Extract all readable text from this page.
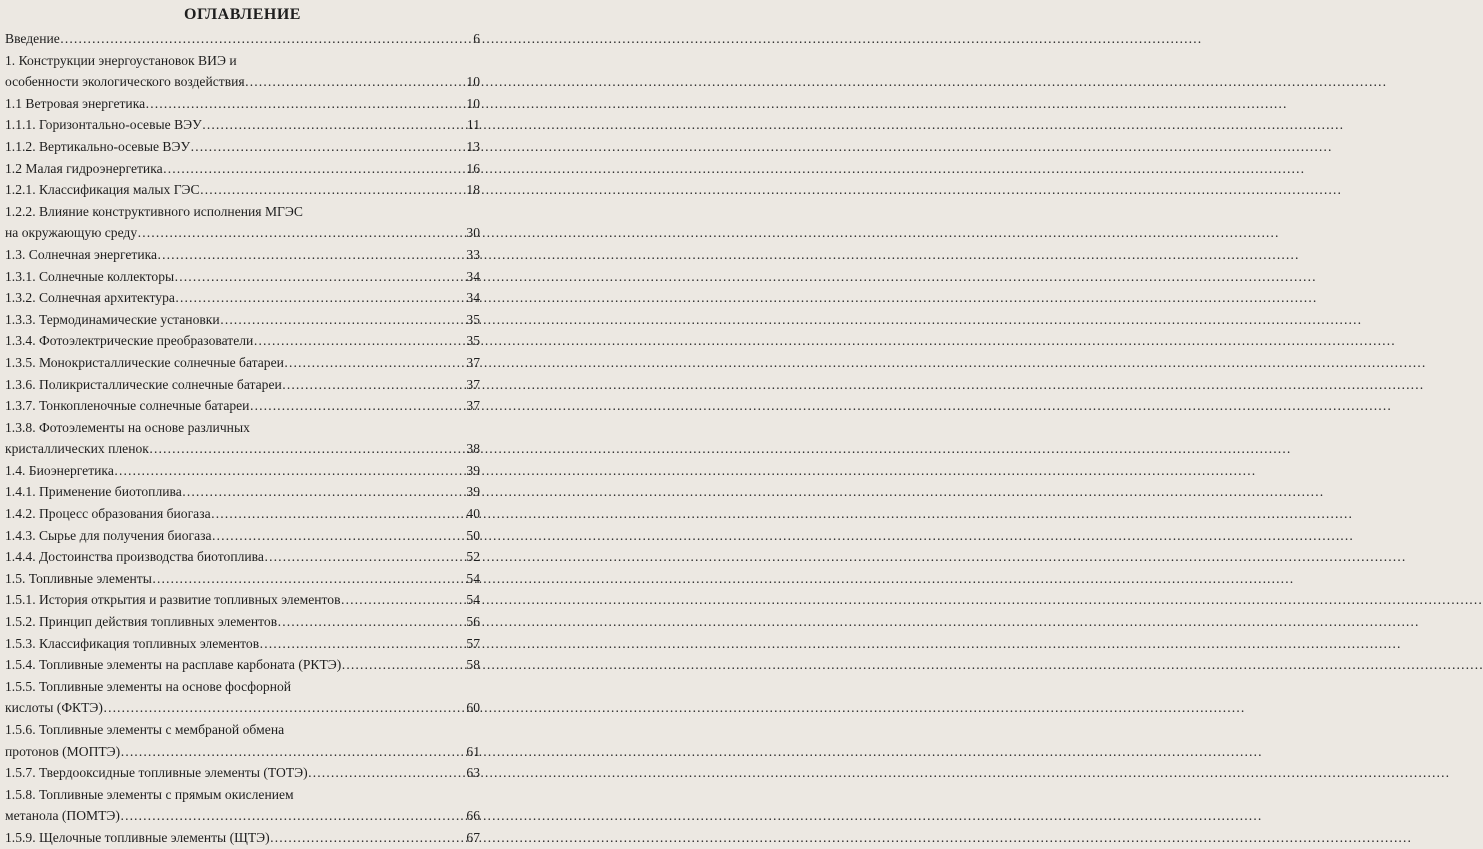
ОГЛАВЛЕНИЕ
Введение ………………………………………………………………………………………………………………………………………………………………………………………………………………………………	6
1. Конструкции энергоустановок ВИЭ и
особенности экологического воздействия ………………………………………………………………………………………………………………………………………………………………………………………………………………………………	10
1.1 Ветровая энергетика ………………………………………………………………………………………………………………………………………………………………………………………………………………………………	10
1.1.1. Горизонтально-осевые ВЭУ ………………………………………………………………………………………………………………………………………………………………………………………………………………………………	11
1.1.2. Вертикально-осевые ВЭУ ………………………………………………………………………………………………………………………………………………………………………………………………………………………………	13
1.2 Малая гидроэнергетика ………………………………………………………………………………………………………………………………………………………………………………………………………………………………	16
1.2.1. Классификация малых ГЭС ………………………………………………………………………………………………………………………………………………………………………………………………………………………………	18
1.2.2. Влияние конструктивного исполнения МГЭС
на окружающую среду ………………………………………………………………………………………………………………………………………………………………………………………………………………………………	30
1.3. Солнечная энергетика ………………………………………………………………………………………………………………………………………………………………………………………………………………………………	33
1.3.1. Солнечные коллекторы ………………………………………………………………………………………………………………………………………………………………………………………………………………………………	34
1.3.2. Солнечная архитектура ………………………………………………………………………………………………………………………………………………………………………………………………………………………………	34
1.3.3. Термодинамические установки ………………………………………………………………………………………………………………………………………………………………………………………………………………………………	35
1.3.4. Фотоэлектрические преобразователи ………………………………………………………………………………………………………………………………………………………………………………………………………………………………	35
1.3.5. Монокристаллические солнечные батареи ………………………………………………………………………………………………………………………………………………………………………………………………………………………………	37
1.3.6. Поликристаллические солнечные батареи ………………………………………………………………………………………………………………………………………………………………………………………………………………………………	37
1.3.7. Тонкопленочные солнечные батареи ………………………………………………………………………………………………………………………………………………………………………………………………………………………………	37
1.3.8. Фотоэлементы на основе различных
кристаллических пленок ………………………………………………………………………………………………………………………………………………………………………………………………………………………………	38
1.4. Биоэнергетика ………………………………………………………………………………………………………………………………………………………………………………………………………………………………	39
1.4.1. Применение биотоплива ………………………………………………………………………………………………………………………………………………………………………………………………………………………………	39
1.4.2. Процесс образования биогаза ………………………………………………………………………………………………………………………………………………………………………………………………………………………………	40
1.4.3. Сырье для получения биогаза ………………………………………………………………………………………………………………………………………………………………………………………………………………………………	50
1.4.4. Достоинства производства биотоплива ………………………………………………………………………………………………………………………………………………………………………………………………………………………………	52
1.5. Топливные элементы ………………………………………………………………………………………………………………………………………………………………………………………………………………………………	54
1.5.1. История открытия и развитие топливных элементов ………………………………………………………………………………………………………………………………………………………………………………………………………………………………	54
1.5.2. Принцип действия топливных элементов ………………………………………………………………………………………………………………………………………………………………………………………………………………………………	56
1.5.3. Классификация топливных элементов ………………………………………………………………………………………………………………………………………………………………………………………………………………………………	57
1.5.4. Топливные элементы на расплаве карбоната (РКТЭ) ………………………………………………………………………………………………………………………………………………………………………………………………………………………………	58
1.5.5. Топливные элементы на основе фосфорной
кислоты (ФКТЭ) ………………………………………………………………………………………………………………………………………………………………………………………………………………………………	60
1.5.6. Топливные элементы с мембраной обмена
протонов (МОПТЭ) ………………………………………………………………………………………………………………………………………………………………………………………………………………………………	61
1.5.7. Твердооксидные топливные элементы (ТОТЭ) ………………………………………………………………………………………………………………………………………………………………………………………………………………………………	63
1.5.8. Топливные элементы с прямым окислением
метанола (ПОМТЭ) ………………………………………………………………………………………………………………………………………………………………………………………………………………………………	66
1.5.9. Щелочные топливные элементы (ЩТЭ) ………………………………………………………………………………………………………………………………………………………………………………………………………………………………	67
